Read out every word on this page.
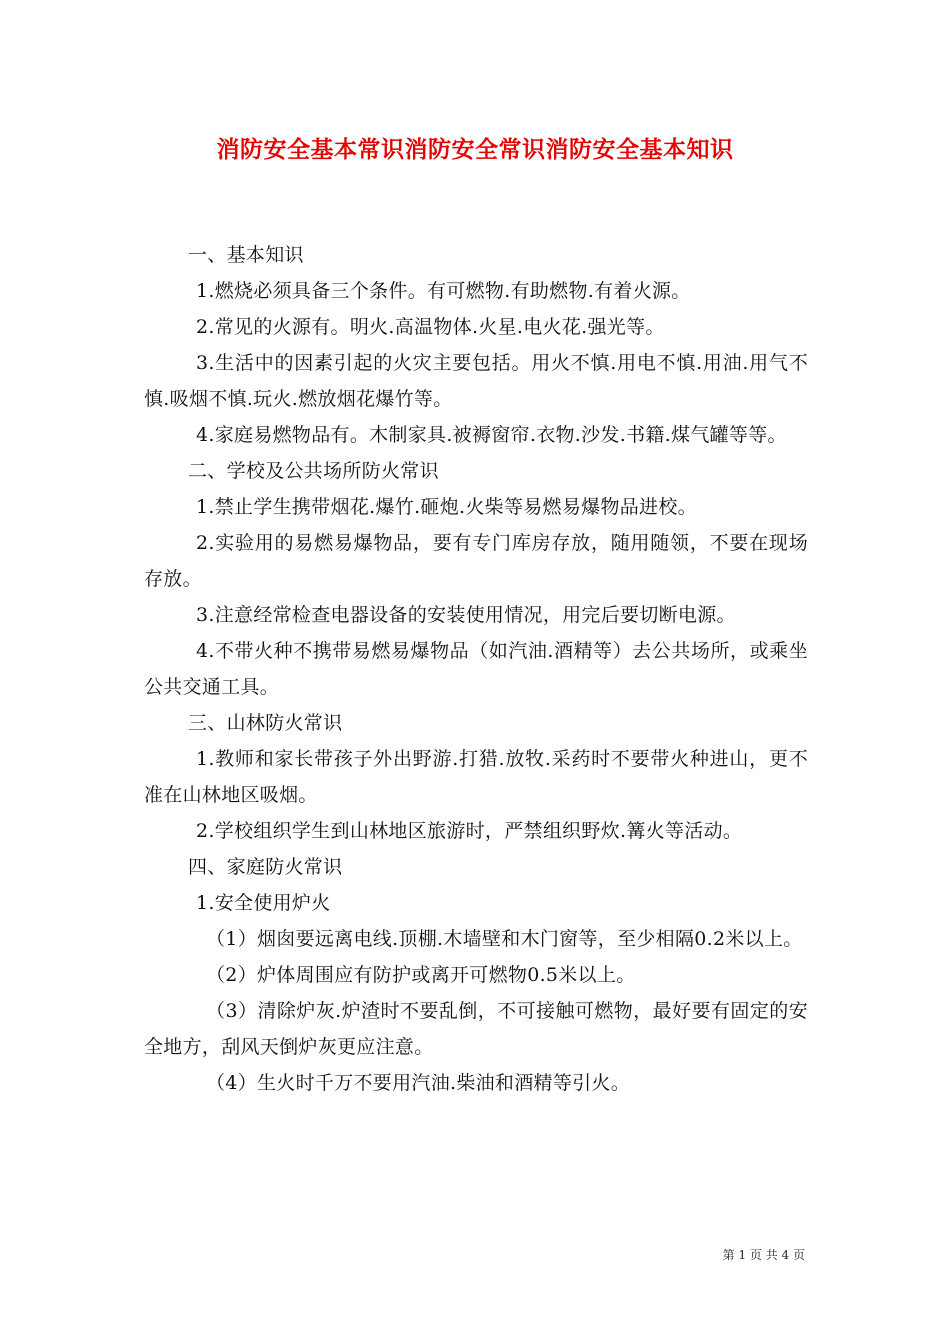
消防安全基本常识消防安全常识消防安全基本知识

一、基本知识

1.燃烧必须具备三个条件。有可燃物.有助燃物.有着火源。

2.常见的火源有。明火.高温物体.火星.电火花.强光等。

3.生活中的因素引起的火灾主要包括。用火不慎.用电不慎.用油.用气不慎.吸烟不慎.玩火.燃放烟花爆竹等。

4.家庭易燃物品有。木制家具.被褥窗帘.衣物.沙发.书籍.煤气罐等等。

二、学校及公共场所防火常识

1.禁止学生携带烟花.爆竹.砸炮.火柴等易燃易爆物品进校。

2.实验用的易燃易爆物品，要有专门库房存放，随用随领，不要在现场存放。

3.注意经常检查电器设备的安装使用情况，用完后要切断电源。

4.不带火种不携带易燃易爆物品（如汽油.酒精等）去公共场所，或乘坐公共交通工具。

三、山林防火常识

1.教师和家长带孩子外出野游.打猎.放牧.采药时不要带火种进山，更不准在山林地区吸烟。

2.学校组织学生到山林地区旅游时，严禁组织野炊.篝火等活动。

四、家庭防火常识

1.安全使用炉火

（1）烟囱要远离电线.顶棚.木墙壁和木门窗等，至少相隔0.2米以上。

（2）炉体周围应有防护或离开可燃物0.5米以上。

（3）清除炉灰.炉渣时不要乱倒，不可接触可燃物，最好要有固定的安全地方，刮风天倒炉灰更应注意。

（4）生火时千万不要用汽油.柴油和酒精等引火。

第 1 页 共 4 页
